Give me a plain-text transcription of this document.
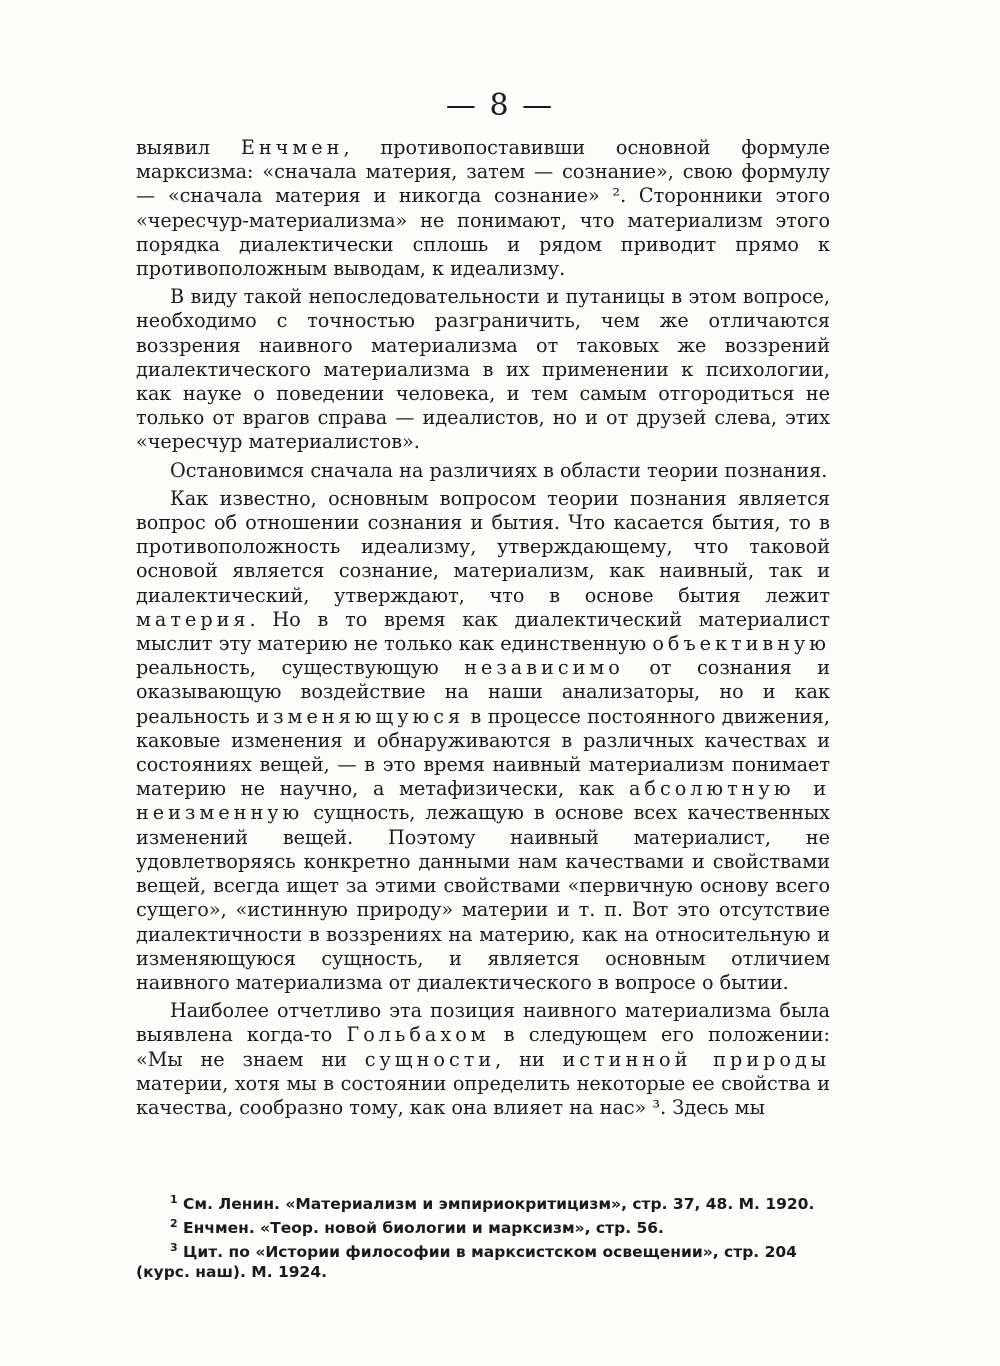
— 8 —

выявил Енчмен, противопоставивши основной формуле марксизма: «сначала материя, затем — сознание», свою формулу — «сначала материя и никогда сознание» ². Сторонники этого «чересчур-материализма» не понимают, что материализм этого порядка диалектически сплошь и рядом приводит прямо к противоположным выводам, к идеализму.

В виду такой непоследовательности и путаницы в этом вопросе, необходимо с точностью разграничить, чем же отличаются воззрения наивного материализма от таковых же воззрений диалектического материализма в их применении к психологии, как науке о поведении человека, и тем самым отгородиться не только от врагов справа — идеалистов, но и от друзей слева, этих «чересчур материалистов».

Остановимся сначала на различиях в области теории познания.

Как известно, основным вопросом теории познания является вопрос об отношении сознания и бытия. Что касается бытия, то в противоположность идеализму, утверждающему, что таковой основой является сознание, материализм, как наивный, так и диалектический, утверждают, что в основе бытия лежит материя. Но в то время как диалектический материалист мыслит эту материю не только как единственную объективную реальность, существующую независимо от сознания и оказывающую воздействие на наши анализаторы, но и как реальность изменяющуюся в процессе постоянного движения, каковые изменения и обнаруживаются в различных качествах и состояниях вещей, — в это время наивный материализм понимает материю не научно, а метафизически, как абсолютную и неизменную сущность, лежащую в основе всех качественных изменений вещей. Поэтому наивный материалист, не удовлетворяясь конкретно данными нам качествами и свойствами вещей, всегда ищет за этими свойствами «первичную основу всего сущего», «истинную природу» материи и т. п. Вот это отсутствие диалектичности в воззрениях на материю, как на относительную и изменяющуюся сущность, и является основным отличием наивного материализма от диалектического в вопросе о бытии.

Наиболее отчетливо эта позиция наивного материализма была выявлена когда-то Гольбахом в следующем его положении: «Мы не знаем ни сущности, ни истинной природы материи, хотя мы в состоянии определить некоторые ее свойства и качества, сообразно тому, как она влияет на нас» ³. Здесь мы

$^1$ См. Ленин. «Материализм и эмпириокритицизм», стр. 37, 48. М. 1920.

$^2$ Енчмен. «Теор. новой биологии и марксизм», стр. 56.

$^3$ Цит. по «Истории философии в марксистском освещении», стр. 204 (курс. наш). М. 1924.
